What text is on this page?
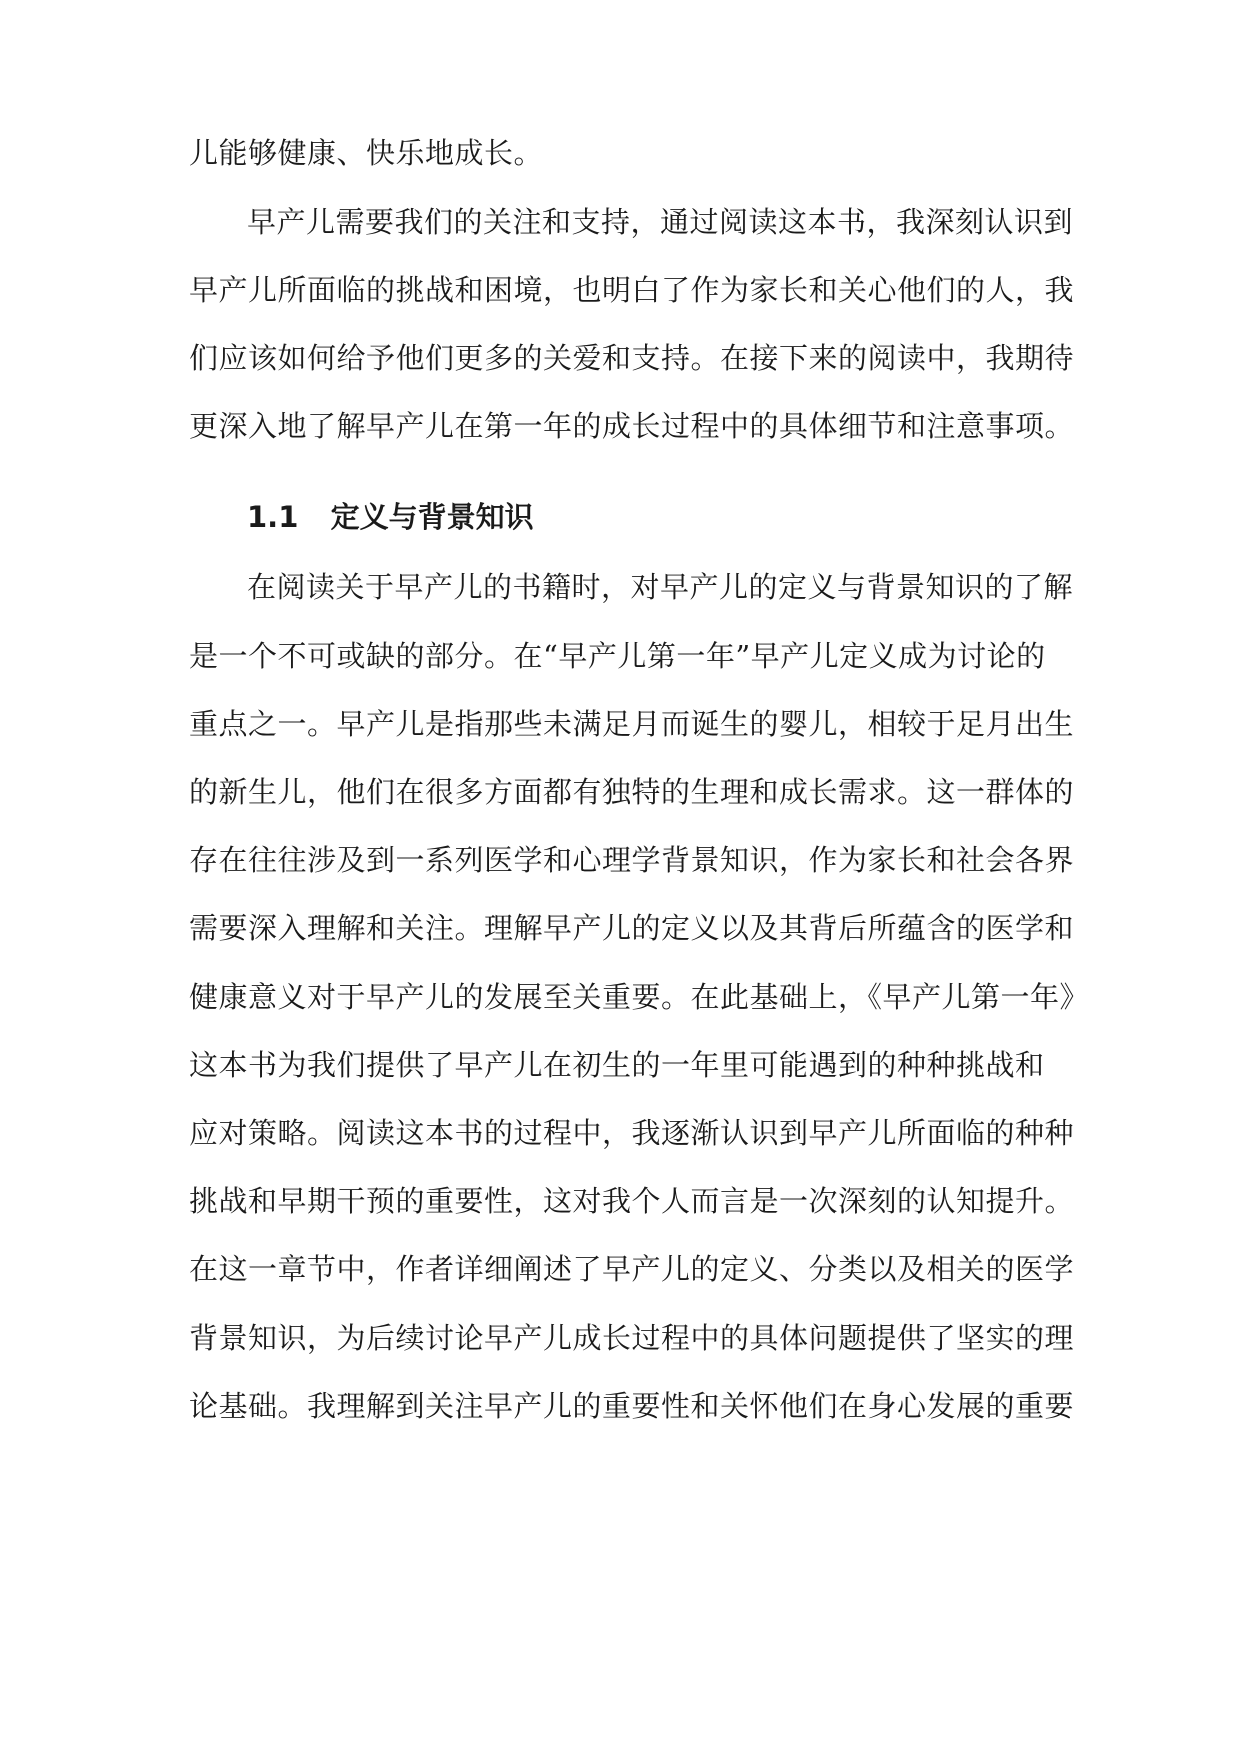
儿能够健康、快乐地成长。
早产儿需要我们的关注和支持，通过阅读这本书，我深刻认识到
早产儿所面临的挑战和困境，也明白了作为家长和关心他们的人，我
们应该如何给予他们更多的关爱和支持。在接下来的阅读中，我期待
更深入地了解早产儿在第一年的成长过程中的具体细节和注意事项。
1.1 定义与背景知识
在阅读关于早产儿的书籍时，对早产儿的定义与背景知识的了解
是一个不可或缺的部分。在“早产儿第一年”早产儿定义成为讨论的
重点之一。早产儿是指那些未满足月而诞生的婴儿，相较于足月出生
的新生儿，他们在很多方面都有独特的生理和成长需求。这一群体的
存在往往涉及到一系列医学和心理学背景知识，作为家长和社会各界
需要深入理解和关注。理解早产儿的定义以及其背后所蕴含的医学和
健康意义对于早产儿的发展至关重要。在此基础上，《早产儿第一年》
这本书为我们提供了早产儿在初生的一年里可能遇到的种种挑战和
应对策略。阅读这本书的过程中，我逐渐认识到早产儿所面临的种种
挑战和早期干预的重要性，这对我个人而言是一次深刻的认知提升。
在这一章节中，作者详细阐述了早产儿的定义、分类以及相关的医学
背景知识，为后续讨论早产儿成长过程中的具体问题提供了坚实的理
论基础。我理解到关注早产儿的重要性和关怀他们在身心发展的重要
